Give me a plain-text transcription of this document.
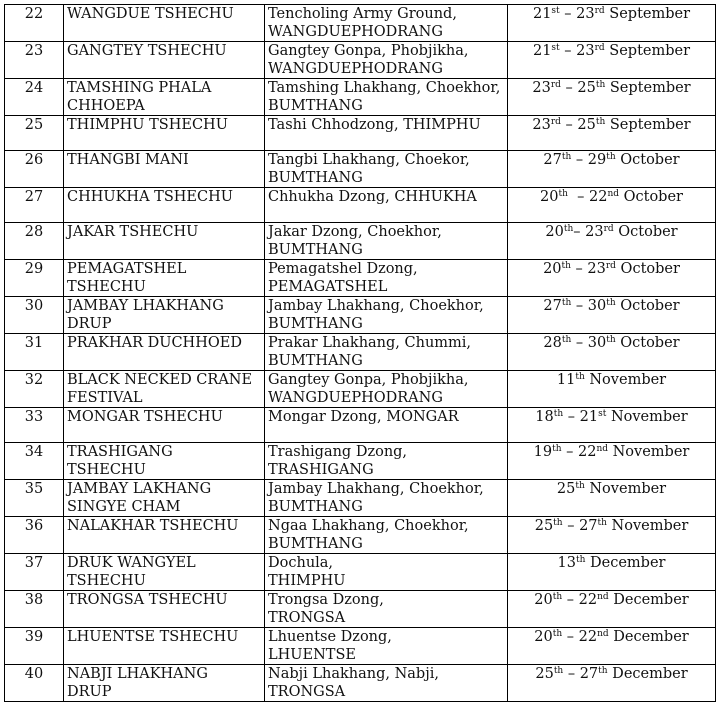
22	WANGDUE TSHECHU	Tencholing Army Ground,
WANGDUEPHODRANG	21st – 23rd September
23	GANGTEY TSHECHU	Gangtey Gonpa, Phobjikha,
WANGDUEPHODRANG	21st – 23rd September
24	TAMSHING PHALA
CHHOEPA	Tamshing Lhakhang, Choekhor,
BUMTHANG	23rd – 25th September
25	THIMPHU TSHECHU	Tashi Chhodzong, THIMPHU	23rd – 25th September
26	THANGBI MANI	Tangbi Lhakhang, Choekor,
BUMTHANG	27th – 29th October
27	CHHUKHA TSHECHU	Chhukha Dzong, CHHUKHA	20th  – 22nd October
28	JAKAR TSHECHU	Jakar Dzong, Choekhor,
BUMTHANG	20th– 23rd October
29	PEMAGATSHEL
TSHECHU	Pemagatshel Dzong,
PEMAGATSHEL	20th – 23rd October
30	JAMBAY LHAKHANG
DRUP	Jambay Lhakhang, Choekhor,
BUMTHANG	27th – 30th October
31	PRAKHAR DUCHHOED	Prakar Lhakhang, Chummi,
BUMTHANG	28th – 30th October
32	BLACK NECKED CRANE
FESTIVAL	Gangtey Gonpa, Phobjikha,
WANGDUEPHODRANG	11th November
33	MONGAR TSHECHU	Mongar Dzong, MONGAR	18th – 21st November
34	TRASHIGANG
TSHECHU	Trashigang Dzong,
TRASHIGANG	19th – 22nd November
35	JAMBAY LAKHANG
SINGYE CHAM	Jambay Lhakhang, Choekhor,
BUMTHANG	25th November
36	NALAKHAR TSHECHU	Ngaa Lhakhang, Choekhor,
BUMTHANG	25th – 27th November
37	DRUK WANGYEL
TSHECHU	Dochula,
THIMPHU	13th December
38	TRONGSA TSHECHU	Trongsa Dzong,
TRONGSA	20th – 22nd December
39	LHUENTSE TSHECHU	Lhuentse Dzong,
LHUENTSE	20th – 22nd December
40	NABJI LHAKHANG
DRUP	Nabji Lhakhang, Nabji,
TRONGSA	25th – 27th December
